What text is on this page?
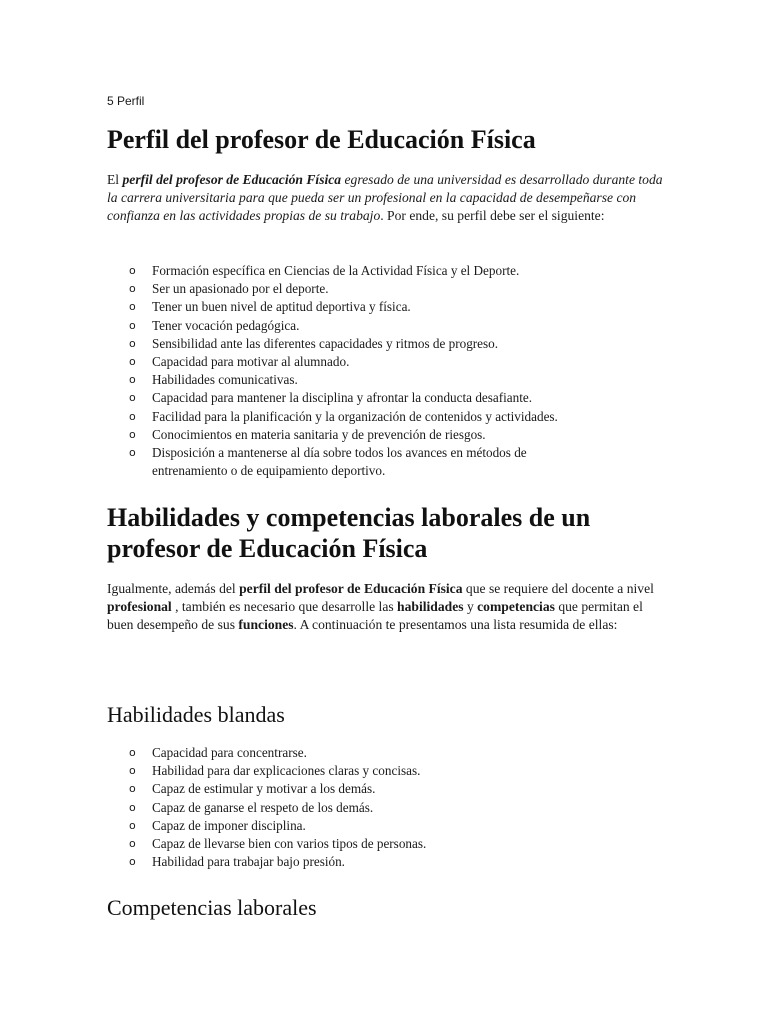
5 Perfil
Perfil del profesor de Educación Física

El perfil del profesor de Educación Física egresado de una universidad es desarrollado durante toda la carrera universitaria para que pueda ser un profesional en la capacidad de desempeñarse con confianza en las actividades propias de su trabajo. Por ende, su perfil debe ser el siguiente:

o Formación específica en Ciencias de la Actividad Física y el Deporte.
o Ser un apasionado por el deporte.
o Tener un buen nivel de aptitud deportiva y física.
o Tener vocación pedagógica.
o Sensibilidad ante las diferentes capacidades y ritmos de progreso.
o Capacidad para motivar al alumnado.
o Habilidades comunicativas.
o Capacidad para mantener la disciplina y afrontar la conducta desafiante.
o Facilidad para la planificación y la organización de contenidos y actividades.
o Conocimientos en materia sanitaria y de prevención de riesgos.
o Disposición a mantenerse al día sobre todos los avances en métodos de entrenamiento o de equipamiento deportivo.
Habilidades y competencias laborales de un profesor de Educación Física

Igualmente, además del perfil del profesor de Educación Física que se requiere del docente a nivel profesional , también es necesario que desarrolle las habilidades y competencias que permitan el buen desempeño de sus funciones. A continuación te presentamos una lista resumida de ellas:

Habilidades blandas
o Capacidad para concentrarse.
o Habilidad para dar explicaciones claras y concisas.
o Capaz de estimular y motivar a los demás.
o Capaz de ganarse el respeto de los demás.
o Capaz de imponer disciplina.
o Capaz de llevarse bien con varios tipos de personas.
o Habilidad para trabajar bajo presión.
Competencias laborales
